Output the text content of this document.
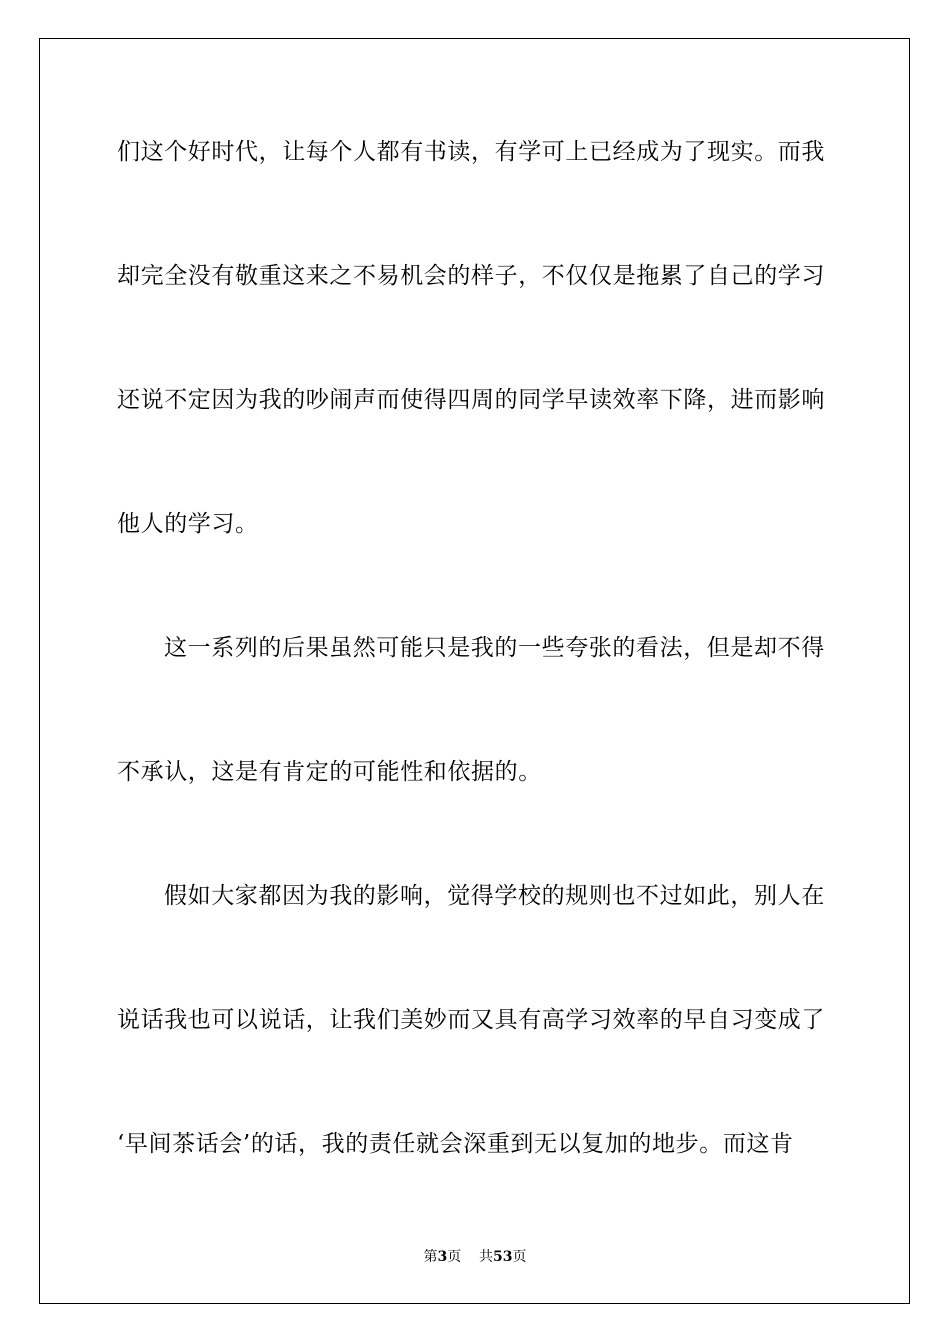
们这个好时代，让每个人都有书读，有学可上已经成为了现实。而我
却完全没有敬重这来之不易机会的样子，不仅仅是拖累了自己的学习
还说不定因为我的吵闹声而使得四周的同学早读效率下降，进而影响
他人的学习。
这一系列的后果虽然可能只是我的一些夸张的看法，但是却不得
不承认，这是有肯定的可能性和依据的。
假如大家都因为我的影响，觉得学校的规则也不过如此，别人在
说话我也可以说话，让我们美妙而又具有高学习效率的早自习变成了
‘早间茶话会’的话，我的责任就会深重到无以复加的地步。而这肯
第3页 共53页
